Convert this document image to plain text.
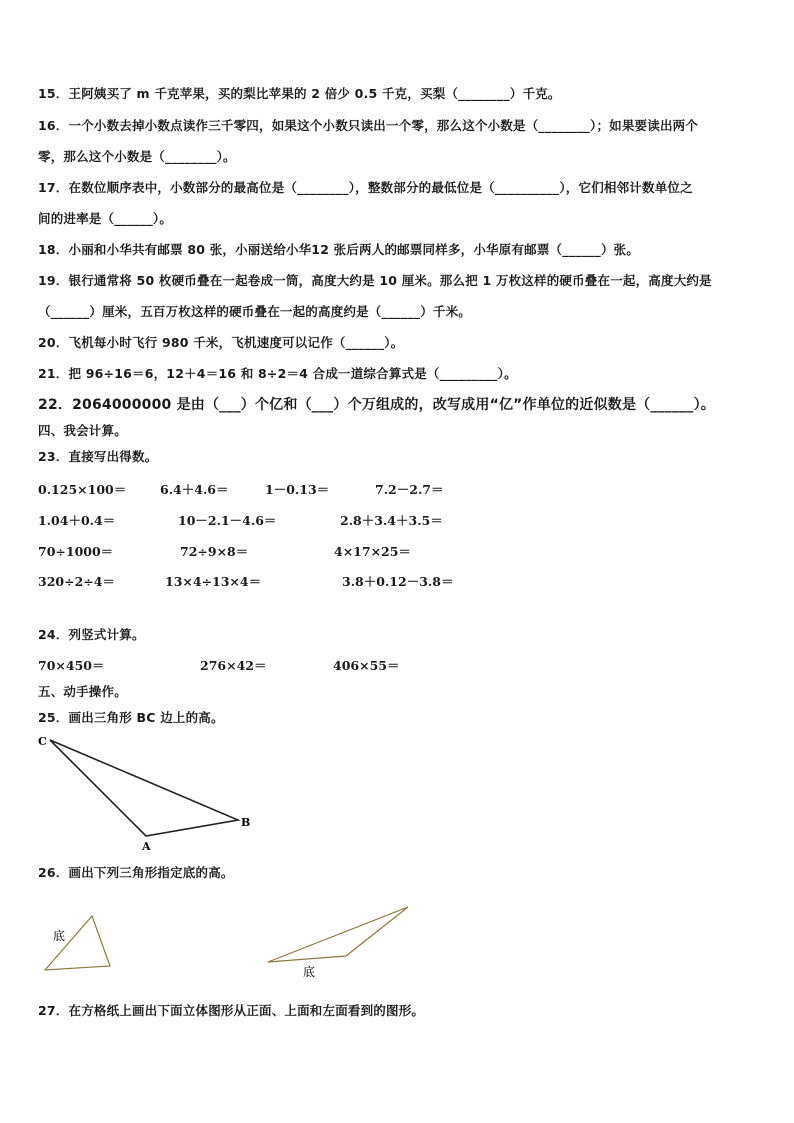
15．王阿姨买了 m 千克苹果，买的梨比苹果的 2 倍少 0.5 千克，买梨（________）千克。
16．一个小数去掉小数点读作三千零四，如果这个小数只读出一个零，那么这个小数是（________）；如果要读出两个
零，那么这个小数是（________）。
17．在数位顺序表中，小数部分的最高位是（________），整数部分的最低位是（__________），它们相邻计数单位之
间的进率是（______）。
18．小丽和小华共有邮票 80 张，小丽送给小华12 张后两人的邮票同样多，小华原有邮票（______）张。
19．银行通常将 50 枚硬币叠在一起卷成一筒，高度大约是 10 厘米。那么把 1 万枚这样的硬币叠在一起，高度大约是
（______）厘米，五百万枚这样的硬币叠在一起的高度约是（______）千米。
20．飞机每小时飞行 980 千米，飞机速度可以记作（______）。
21．把 96÷16＝6，12＋4＝16 和 8÷2＝4 合成一道综合算式是（_________）。
22．2064000000 是由（___）个亿和（___）个万组成的，改写成用“亿”作单位的近似数是（______）。
四、我会计算。
23．直接写出得数。
0.125×100＝	6.4＋4.6＝	1－0.13＝	7.2－2.7＝
1.04＋0.4＝	10－2.1－4.6＝	2.8＋3.4＋3.5＝
70÷1000＝	72÷9×8＝	4×17×25＝
320÷2÷4＝	13×4÷13×4＝	3.8＋0.12－3.8＝
24．列竖式计算。
70×450＝	276×42＝	406×55＝
五、动手操作。
25．画出三角形 BC 边上的高。
C
A
B
26．画出下列三角形指定底的高。
底
底
27．在方格纸上画出下面立体图形从正面、上面和左面看到的图形。
